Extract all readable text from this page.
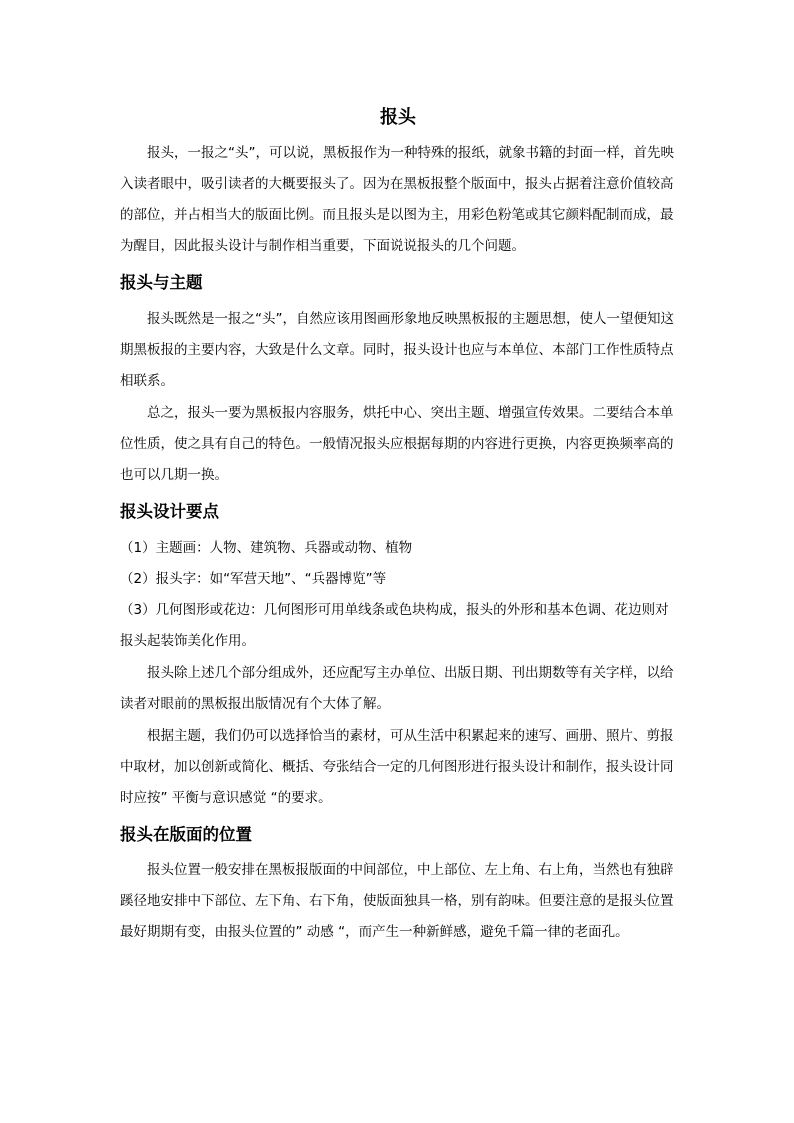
报头

报头，一报之“头”，可以说，黑板报作为一种特殊的报纸，就象书籍的封面一样，首先映入读者眼中，吸引读者的大概要报头了。因为在黑板报整个版面中，报头占据着注意价值较高的部位，并占相当大的版面比例。而且报头是以图为主，用彩色粉笔或其它颜料配制而成，最为醒目，因此报头设计与制作相当重要，下面说说报头的几个问题。

报头与主题

报头既然是一报之“头”，自然应该用图画形象地反映黑板报的主题思想，使人一望便知这期黑板报的主要内容，大致是什么文章。同时，报头设计也应与本单位、本部门工作性质特点相联系。

总之，报头一要为黑板报内容服务，烘托中心、突出主题、增强宣传效果。二要结合本单位性质，使之具有自己的特色。一般情况报头应根据每期的内容进行更换，内容更换频率高的也可以几期一换。

报头设计要点

（1）主题画：人物、建筑物、兵器或动物、植物

（2）报头字：如“军营天地”、“兵器博览”等

（3）几何图形或花边：几何图形可用单线条或色块构成，报头的外形和基本色调、花边则对报头起装饰美化作用。

报头除上述几个部分组成外，还应配写主办单位、出版日期、刊出期数等有关字样，以给读者对眼前的黑板报出版情况有个大体了解。

根据主题，我们仍可以选择恰当的素材，可从生活中积累起来的速写、画册、照片、剪报中取材，加以创新或简化、概括、夸张结合一定的几何图形进行报头设计和制作，报头设计同时应按” 平衡与意识感觉 “的要求。

报头在版面的位置

报头位置一般安排在黑板报版面的中间部位，中上部位、左上角、右上角，当然也有独辟蹊径地安排中下部位、左下角、右下角，使版面独具一格，别有韵味。但要注意的是报头位置最好期期有变，由报头位置的” 动感 “，而产生一种新鲜感，避免千篇一律的老面孔。
